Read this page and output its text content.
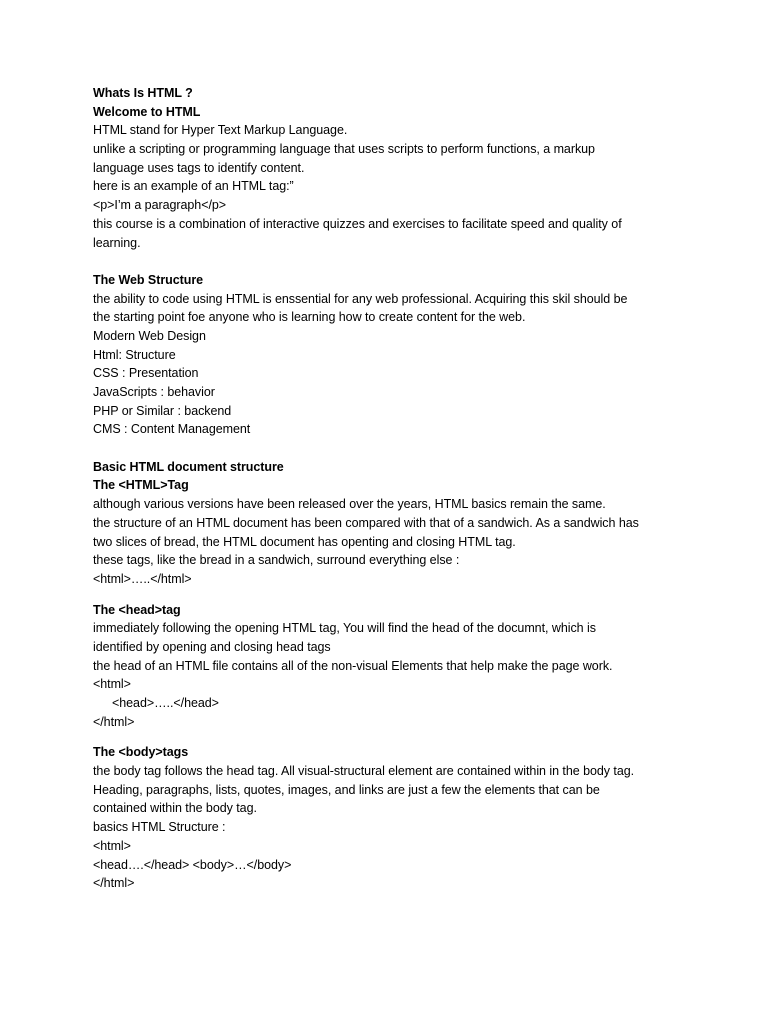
Whats Is HTML ?
Welcome to HTML
HTML stand for Hyper Text Markup Language.
unlike a scripting or programming language that uses scripts to perform functions, a markup
language uses tags to identify content.
here is an example of an HTML tag:”
<p>I’m a paragraph</p>
this course is a combination of interactive quizzes and exercises to facilitate speed and quality of
learning.
The Web Structure
the ability to code using HTML is enssential for any web professional. Acquiring this skil should be
the starting point foe anyone who is learning how to create content for the web.
Modern Web Design
Html: Structure
CSS : Presentation
JavaScripts : behavior
PHP or Similar : backend
CMS : Content Management
Basic HTML document structure
The <HTML>Tag
although various versions have been released over the years, HTML basics remain the same.
the structure of an HTML document has been compared with that of a sandwich. As a sandwich has
two slices of bread, the HTML document has openting and closing HTML tag.
these tags, like the bread in a sandwich, surround everything else :
<html>…..</html>
The <head>tag
immediately following the opening HTML tag, You will find the head of the documnt, which is
identified by opening and closing head tags
the head of an HTML file contains all of the non-visual Elements that help make the page work.
<html>
<head>…..</head>
</html>
The <body>tags
the body tag follows the head tag. All visual-structural element are contained within in the body tag.
Heading, paragraphs, lists, quotes, images, and links are just a few the elements that can be
contained within the body tag.
basics HTML Structure :
<html>
<head….</head> <body>…</body>
</html>
